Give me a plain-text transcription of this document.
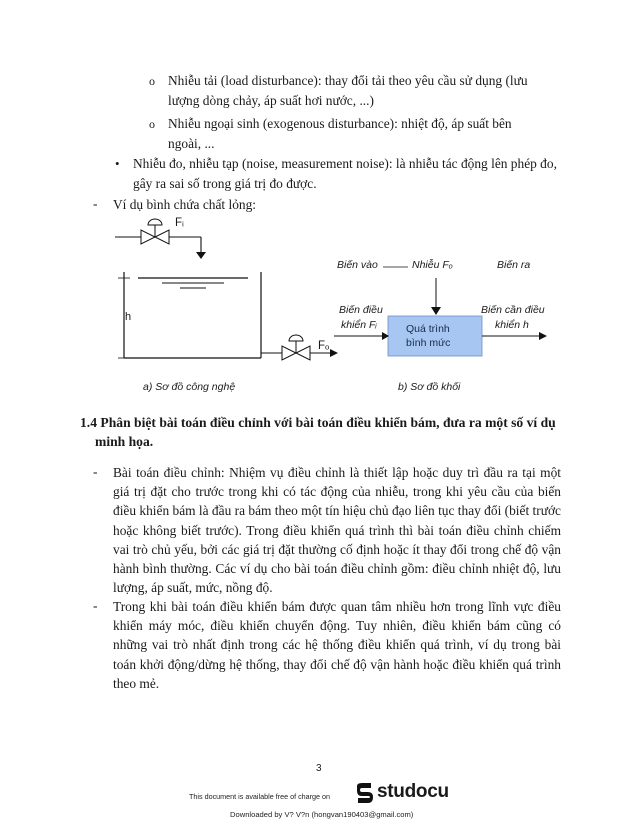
o Nhiễu tải (load disturbance): thay đổi tải theo yêu cầu sử dụng (lưu
lượng dòng chảy, áp suất hơi nước, ...)
o Nhiễu ngoại sinh (exogenous disturbance): nhiệt độ, áp suất bên
ngoài, ...
• Nhiễu đo, nhiễu tạp (noise, measurement noise): là nhiễu tác động lên phép đo,
gây ra sai số trong giá trị đo được.
- Ví dụ bình chứa chất lỏng:
Fᵢ
h
Fₒ
a) Sơ đồ công nghệ
Biến vào	Nhiễu Fₒ	Biến ra
Biến điều
khiển Fᵢ	Quá trình
bình mức
Biến cần điều
khiển h
b) Sơ đồ khối
1.4 Phân biệt bài toán điều chỉnh với bài toán điều khiển bám, đưa ra một số ví dụ
minh họa.
- Bài toán điều chỉnh: Nhiệm vụ điều chỉnh là thiết lập hoặc duy trì đầu ra tại một giá trị đặt cho trước trong khi có tác động của nhiễu, trong khi yêu cầu của biến điều khiển bám là đầu ra bám theo một tín hiệu chủ đạo liên tục thay đổi (biết trước hoặc không biết trước). Trong điều khiển quá trình thì bài toán điều chỉnh chiếm vai trò chủ yếu, bởi các giá trị đặt thường cố định hoặc ít thay đổi trong chế độ vận hành bình thường. Các ví dụ cho bài toán điều chỉnh gồm: điều chỉnh nhiệt độ, lưu lượng, áp suất, mức, nồng độ.
- Trong khi bài toán điều khiển bám được quan tâm nhiều hơn trong lĩnh vực điều khiển máy móc, điều khiển chuyển động. Tuy nhiên, điều khiển bám cũng có những vai trò nhất định trong các hệ thống điều khiển quá trình, ví dụ trong bài toán khởi động/dừng hệ thống, thay đổi chế độ vận hành hoặc điều khiển quá trình theo mẻ.
3
This document is available free of charge on studocu
Downloaded by V? V?n (hongvan190403@gmail.com)
